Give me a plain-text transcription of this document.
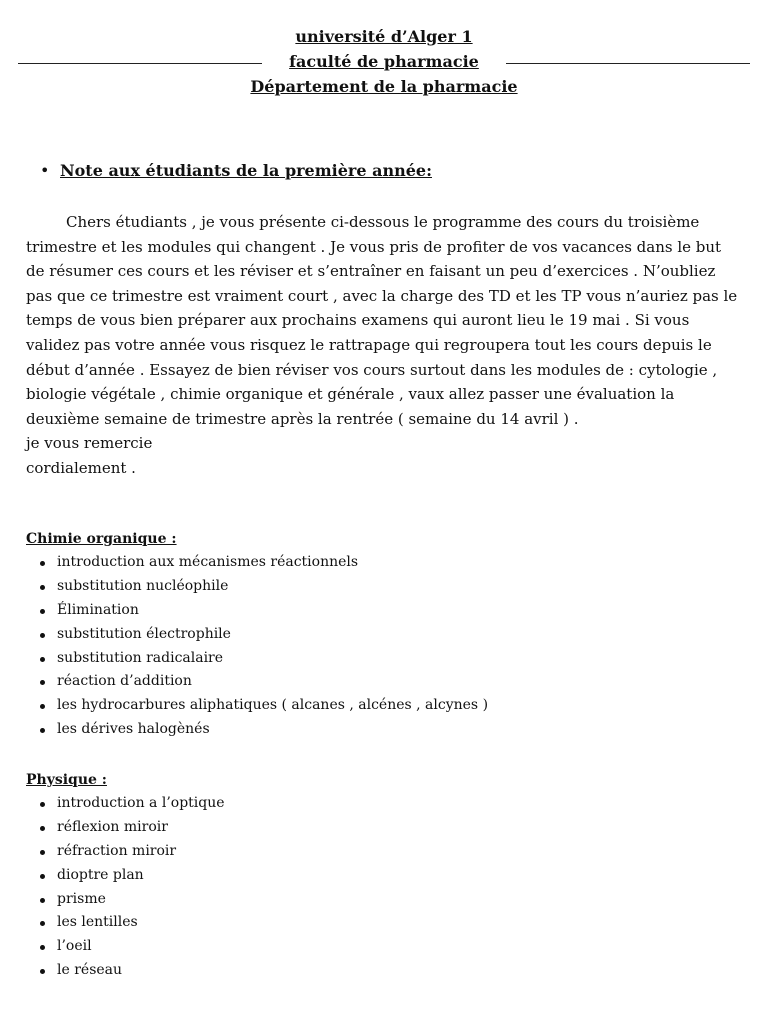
université d’Alger 1
faculté de pharmacie
Département de la pharmacie
• Note aux étudiants de la première année:
Chers étudiants , je vous présente ci-dessous le programme des cours du troisième
trimestre et les modules qui changent . Je vous pris de profiter de vos vacances dans le but
de résumer ces cours et les réviser et s’entraîner en faisant un peu d’exercices . N’oubliez
pas que ce trimestre est vraiment court , avec la charge des TD et les TP vous n’auriez pas le
temps de vous bien préparer aux prochains examens qui auront lieu le 19 mai . Si vous
validez pas votre année vous risquez le rattrapage qui regroupera tout les cours depuis le
début d’année . Essayez de bien réviser vos cours surtout dans les modules de : cytologie ,
biologie végétale , chimie organique et générale , vaux allez passer une évaluation la
deuxième semaine de trimestre après la rentrée ( semaine du 14 avril ) .
je vous remercie
cordialement .
Chimie organique :
introduction aux mécanismes réactionnels
substitution nucléophile
Élimination
substitution électrophile
substitution radicalaire
réaction d’addition
les hydrocarbures aliphatiques ( alcanes , alcénes , alcynes )
les dérives halogènés
Physique :
introduction a l’optique
réflexion miroir
réfraction miroir
dioptre plan
prisme
les lentilles
l’oeil
le réseau
